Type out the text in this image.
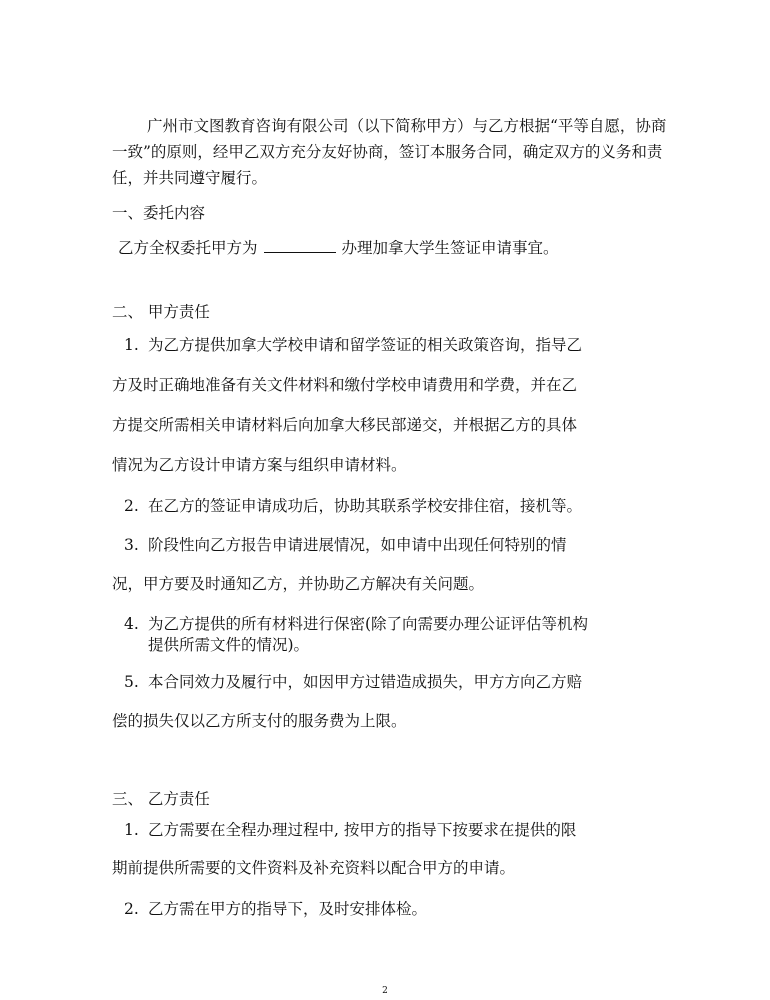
广州市文图教育咨询有限公司（以下简称甲方）与乙方根据“平等自愿，协商一致”的原则，经甲乙双方充分友好协商，签订本服务合同，确定双方的义务和责任，并共同遵守履行。

一、委托内容
乙方全权委托甲方为	办理加拿大学生签证申请事宜。
二、 甲方责任
1. 为乙方提供加拿大学校申请和留学签证的相关政策咨询，指导乙
方及时正确地准备有关文件材料和缴付学校申请费用和学费，并在乙
方提交所需相关申请材料后向加拿大移民部递交，并根据乙方的具体
情况为乙方设计申请方案与组织申请材料。
2. 在乙方的签证申请成功后，协助其联系学校安排住宿，接机等。
3. 阶段性向乙方报告申请进展情况，如申请中出现任何特别的情
况，甲方要及时通知乙方，并协助乙方解决有关问题。
4. 为乙方提供的所有材料进行保密(除了向需要办理公证评估等机构
提供所需文件的情况)。
5. 本合同效力及履行中，如因甲方过错造成损失，甲方方向乙方赔
偿的损失仅以乙方所支付的服务费为上限。
三、 乙方责任
1. 乙方需要在全程办理过程中, 按甲方的指导下按要求在提供的限
期前提供所需要的文件资料及补充资料以配合甲方的申请。
2. 乙方需在甲方的指导下，及时安排体检。
2
